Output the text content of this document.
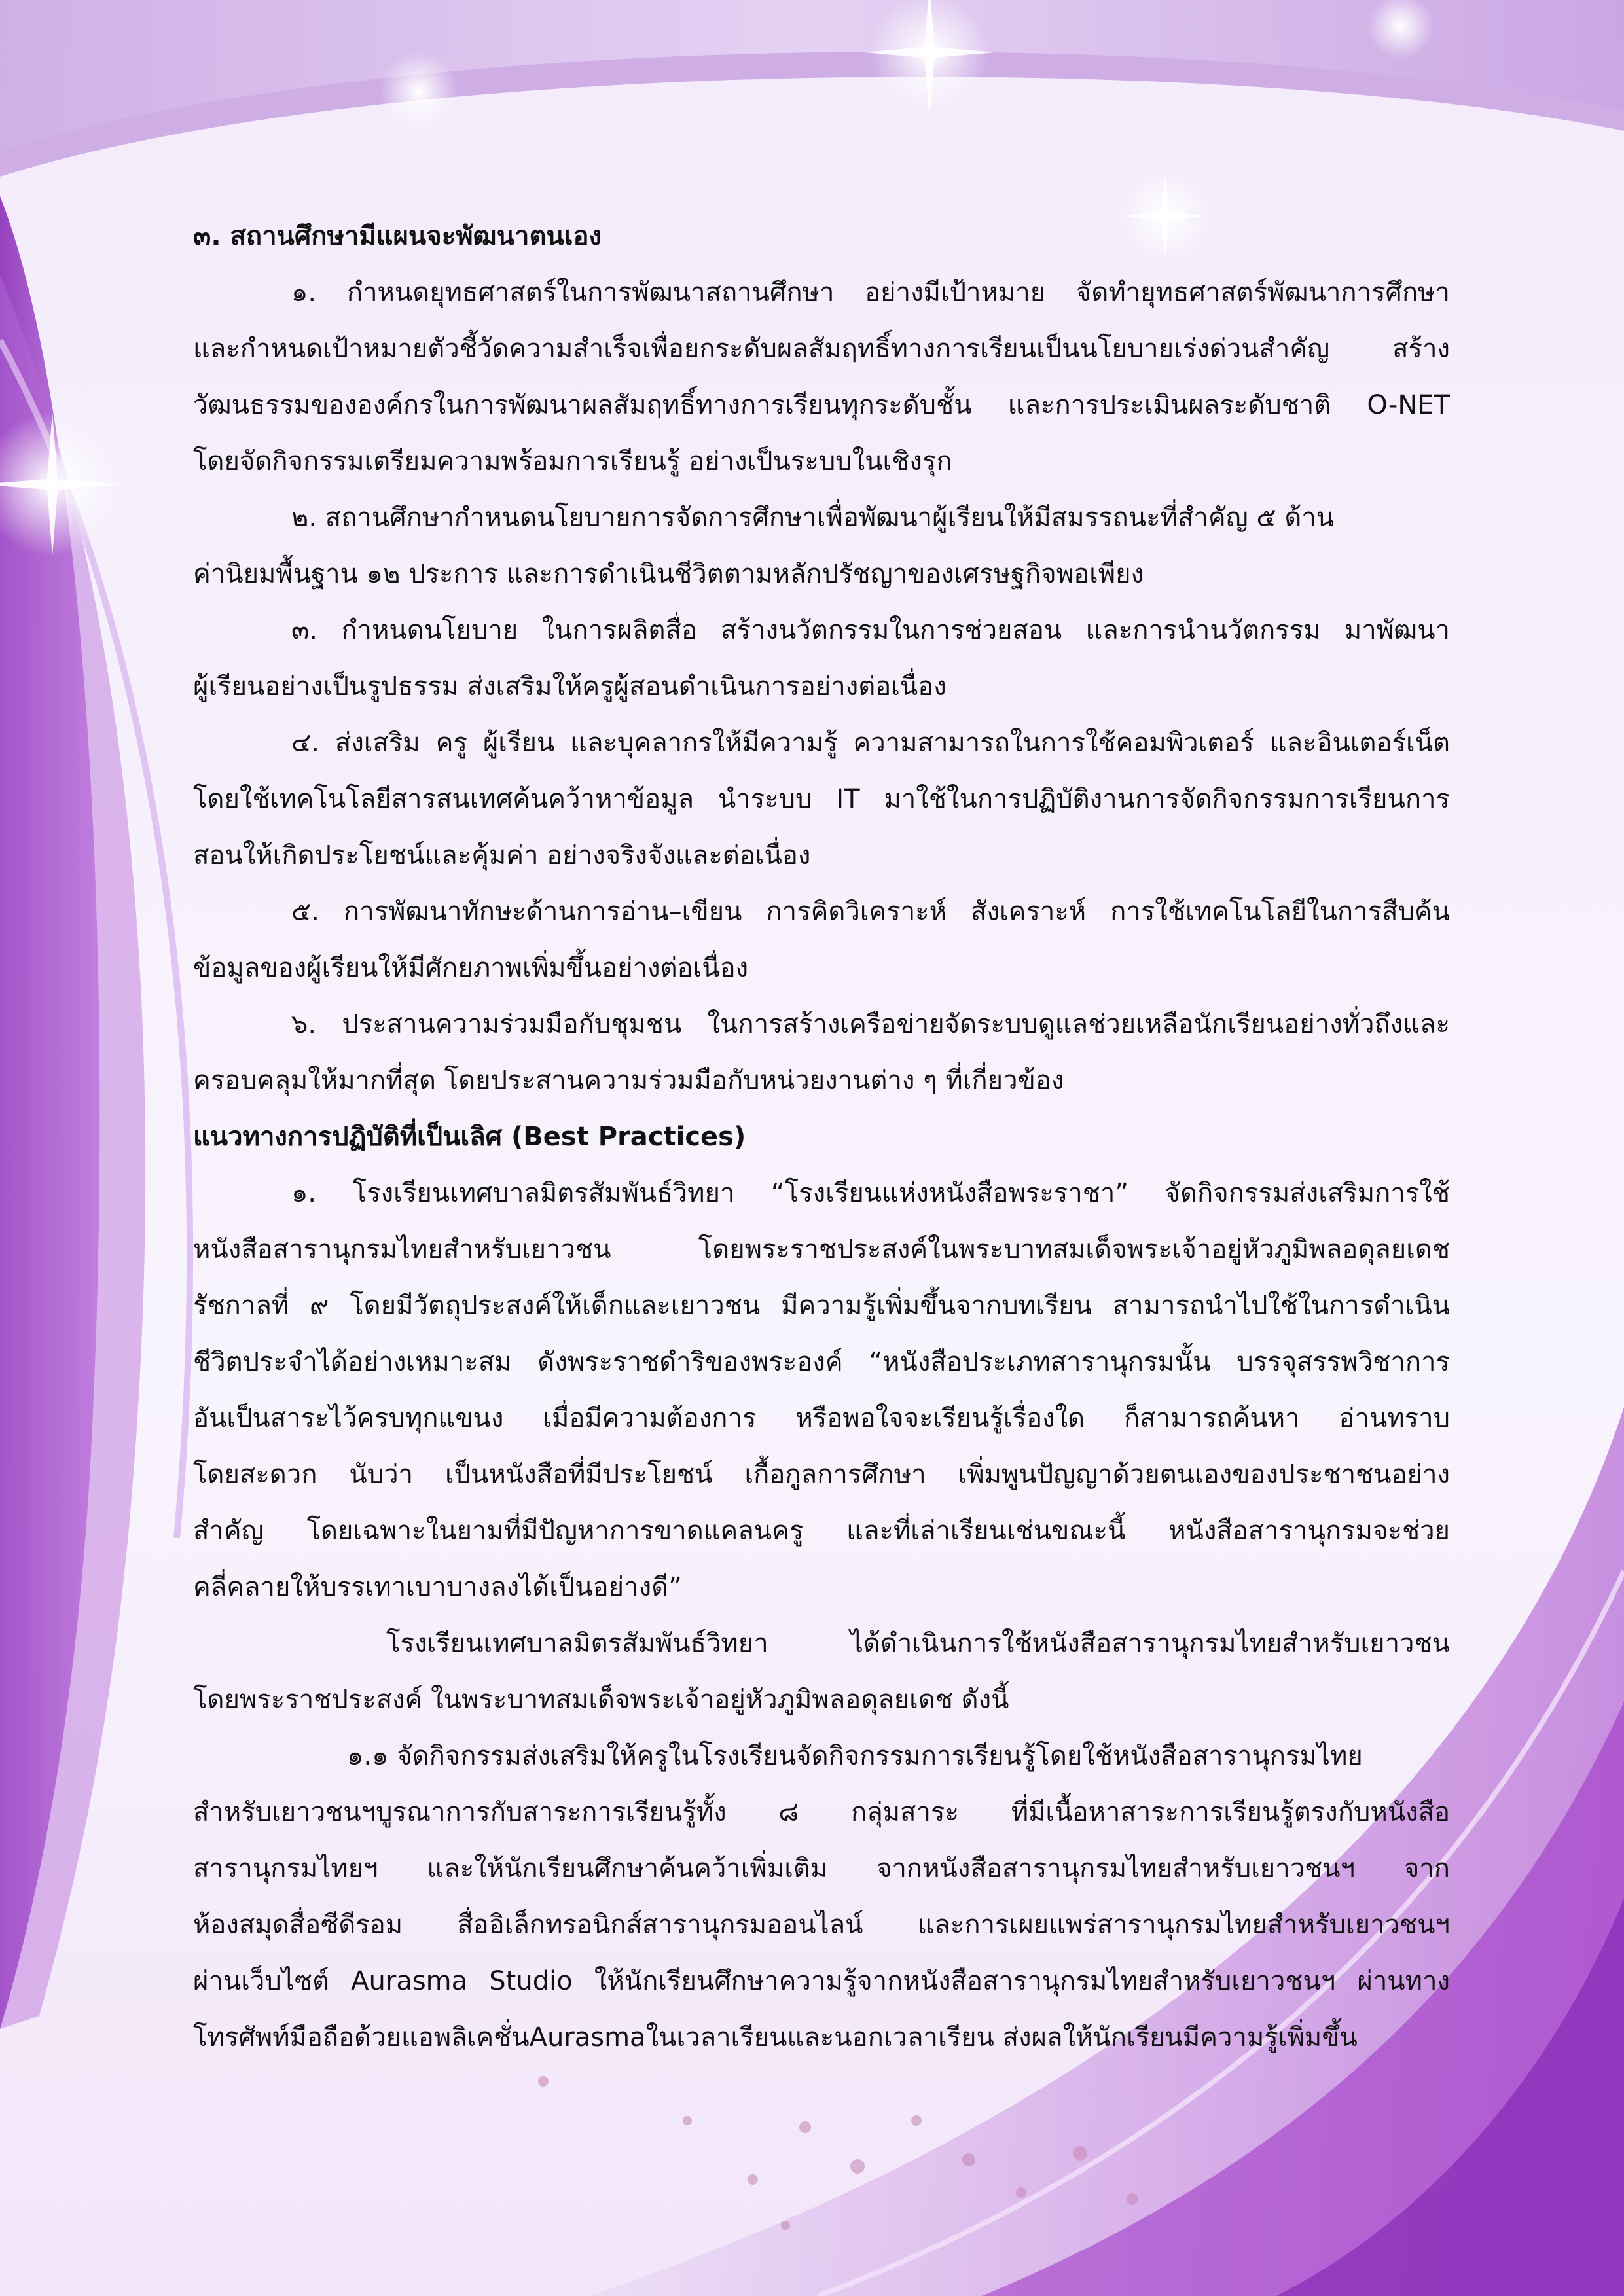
๓. สถานศึกษามีแผนจะพัฒนาตนเอง
๑. กำหนดยุทธศาสตร์ในการพัฒนาสถานศึกษา อย่างมีเป้าหมาย จัดทำยุทธศาสตร์พัฒนาการศึกษา
และกำหนดเป้าหมายตัวชี้วัดความสำเร็จเพื่อยกระดับผลสัมฤทธิ์ทางการเรียนเป็นนโยบายเร่งด่วนสำคัญ สร้าง
วัฒนธรรมขององค์กรในการพัฒนาผลสัมฤทธิ์ทางการเรียนทุกระดับชั้น และการประเมินผลระดับชาติ O-NET
โดยจัดกิจกรรมเตรียมความพร้อมการเรียนรู้ อย่างเป็นระบบในเชิงรุก
๒. สถานศึกษากำหนดนโยบายการจัดการศึกษาเพื่อพัฒนาผู้เรียนให้มีสมรรถนะที่สำคัญ ๕ ด้าน
ค่านิยมพื้นฐาน ๑๒ ประการ และการดำเนินชีวิตตามหลักปรัชญาของเศรษฐกิจพอเพียง
๓. กำหนดนโยบาย ในการผลิตสื่อ สร้างนวัตกรรมในการช่วยสอน และการนำนวัตกรรม มาพัฒนา
ผู้เรียนอย่างเป็นรูปธรรม ส่งเสริมให้ครูผู้สอนดำเนินการอย่างต่อเนื่อง
๔. ส่งเสริม ครู ผู้เรียน และบุคลากรให้มีความรู้ ความสามารถในการใช้คอมพิวเตอร์ และอินเตอร์เน็ต
โดยใช้เทคโนโลยีสารสนเทศค้นคว้าหาข้อมูล นำระบบ IT มาใช้ในการปฏิบัติงานการจัดกิจกรรมการเรียนการ
สอนให้เกิดประโยชน์และคุ้มค่า อย่างจริงจังและต่อเนื่อง
๕. การพัฒนาทักษะด้านการอ่าน–เขียน การคิดวิเคราะห์ สังเคราะห์ การใช้เทคโนโลยีในการสืบค้น
ข้อมูลของผู้เรียนให้มีศักยภาพเพิ่มขึ้นอย่างต่อเนื่อง
๖. ประสานความร่วมมือกับชุมชน ในการสร้างเครือข่ายจัดระบบดูแลช่วยเหลือนักเรียนอย่างทั่วถึงและ
ครอบคลุมให้มากที่สุด โดยประสานความร่วมมือกับหน่วยงานต่าง ๆ ที่เกี่ยวข้อง
แนวทางการปฏิบัติที่เป็นเลิศ (Best Practices)
๑. โรงเรียนเทศบาลมิตรสัมพันธ์วิทยา “โรงเรียนแห่งหนังสือพระราชา” จัดกิจกรรมส่งเสริมการใช้
หนังสือสารานุกรมไทยสำหรับเยาวชน โดยพระราชประสงค์ในพระบาทสมเด็จพระเจ้าอยู่หัวภูมิพลอดุลยเดช
รัชกาลที่ ๙ โดยมีวัตถุประสงค์ให้เด็กและเยาวชน มีความรู้เพิ่มขึ้นจากบทเรียน สามารถนำไปใช้ในการดำเนิน
ชีวิตประจำได้อย่างเหมาะสม ดังพระราชดำริของพระองค์ “หนังสือประเภทสารานุกรมนั้น บรรจุสรรพวิชาการ
อันเป็นสาระไว้ครบทุกแขนง เมื่อมีความต้องการ หรือพอใจจะเรียนรู้เรื่องใด ก็สามารถค้นหา อ่านทราบ
โดยสะดวก นับว่า เป็นหนังสือที่มีประโยชน์ เกื้อกูลการศึกษา เพิ่มพูนปัญญาด้วยตนเองของประชาชนอย่าง
สำคัญ โดยเฉพาะในยามที่มีปัญหาการขาดแคลนครู และที่เล่าเรียนเช่นขณะนี้ หนังสือสารานุกรมจะช่วย
คลี่คลายให้บรรเทาเบาบางลงได้เป็นอย่างดี”
โรงเรียนเทศบาลมิตรสัมพันธ์วิทยา ได้ดำเนินการใช้หนังสือสารานุกรมไทยสำหรับเยาวชน
โดยพระราชประสงค์ ในพระบาทสมเด็จพระเจ้าอยู่หัวภูมิพลอดุลยเดช ดังนี้
๑.๑ จัดกิจกรรมส่งเสริมให้ครูในโรงเรียนจัดกิจกรรมการเรียนรู้โดยใช้หนังสือสารานุกรมไทย
สำหรับเยาวชนฯบูรณาการกับสาระการเรียนรู้ทั้ง ๘ กลุ่มสาระ ที่มีเนื้อหาสาระการเรียนรู้ตรงกับหนังสือ
สารานุกรมไทยฯ และให้นักเรียนศึกษาค้นคว้าเพิ่มเติม จากหนังสือสารานุกรมไทยสำหรับเยาวชนฯ จาก
ห้องสมุดสื่อซีดีรอม สื่ออิเล็กทรอนิกส์สารานุกรมออนไลน์ และการเผยแพร่สารานุกรมไทยสำหรับเยาวชนฯ
ผ่านเว็บไซต์ Aurasma Studio ให้นักเรียนศึกษาความรู้จากหนังสือสารานุกรมไทยสำหรับเยาวชนฯ ผ่านทาง
โทรศัพท์มือถือด้วยแอพลิเคชั่นAurasmaในเวลาเรียนและนอกเวลาเรียน ส่งผลให้นักเรียนมีความรู้เพิ่มขึ้น
